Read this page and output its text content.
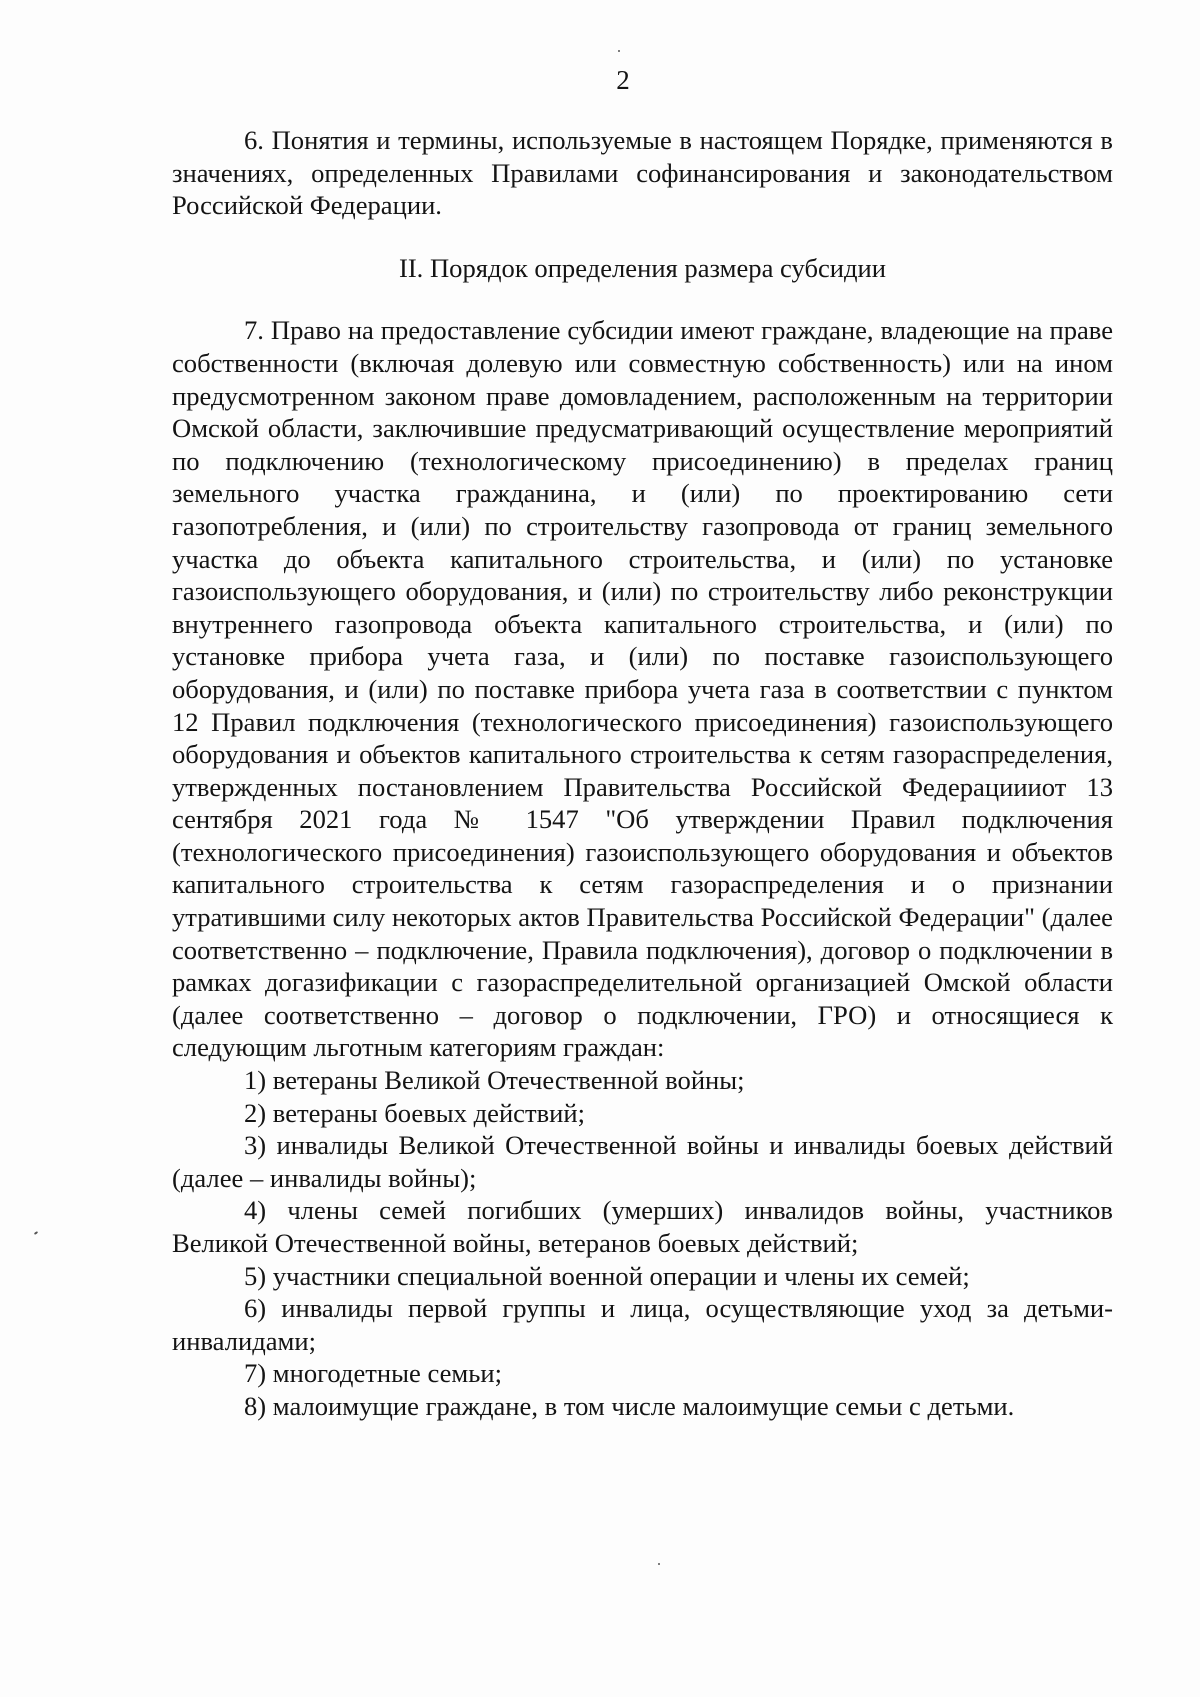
2

6. Понятия и термины, используемые в настоящем Порядке, применяются в значениях, определенных Правилами софинансирования и законодательством Российской Федерации.

II. Порядок определения размера субсидии

7. Право на предоставление субсидии имеют граждане, владеющие на праве собственности (включая долевую или совместную собственность) или на ином предусмотренном законом праве домовладением, расположенным на территории Омской области, заключившие предусматривающий осуществление мероприятий по подключению (технологическому присоединению) в пределах границ земельного участка гражданина, и (или) по проектированию сети газопотребления, и (или) по строительству газопровода от границ земельного участка до объекта капитального строительства, и (или) по установке газоиспользующего оборудования, и (или) по строительству либо реконструкции внутреннего газопровода объекта капитального строительства, и (или) по установке прибора учета газа, и (или) по поставке газоиспользующего оборудования, и (или) по поставке прибора учета газа в соответствии с пунктом 12 Правил подключения (технологического присоединения) газоиспользующего оборудования и объектов капитального строительства к сетям газораспределения, утвержденных постановлением Правительства Российской Федерациииот 13 сентября 2021 года № 1547 "Об утверждении Правил подключения (технологического присоединения) газоиспользующего оборудования и объектов капитального строительства к сетям газораспределения и о признании утратившими силу некоторых актов Правительства Российской Федерации" (далее соответственно – подключение, Правила подключения), договор о подключении в рамках догазификации с газораспределительной организацией Омской области (далее соответственно – договор о подключении, ГРО) и относящиеся к следующим льготным категориям граждан:

1) ветераны Великой Отечественной войны;

2) ветераны боевых действий;

3) инвалиды Великой Отечественной войны и инвалиды боевых действий (далее – инвалиды войны);

4) члены семей погибших (умерших) инвалидов войны, участников Великой Отечественной войны, ветеранов боевых действий;

5) участники специальной военной операции и члены их семей;

6) инвалиды первой группы и лица, осуществляющие уход за детьми-инвалидами;

7) многодетные семьи;

8) малоимущие граждане, в том числе малоимущие семьи с детьми.
